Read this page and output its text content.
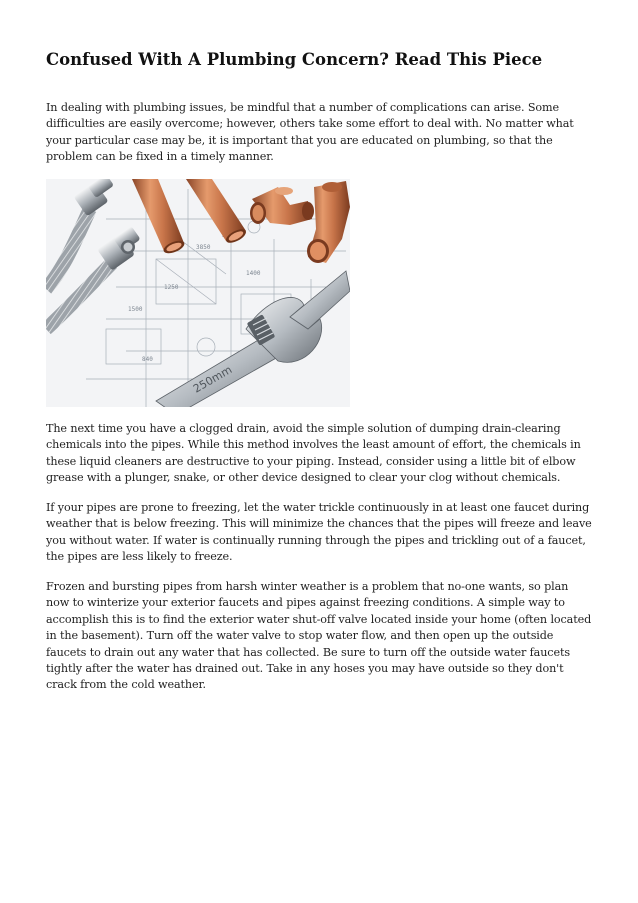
Confused With A Plumbing Concern? Read This Piece

In dealing with plumbing issues, be mindful that a number of complications can arise. Some difficulties are easily overcome; however, others take some effort to deal with. No matter what your particular case may be, it is important that you are educated on plumbing, so that the problem can be fixed in a timely manner.

1250
1500
3850
1400
840
250mm

The next time you have a clogged drain, avoid the simple solution of dumping drain-clearing chemicals into the pipes. While this method involves the least amount of effort, the chemicals in these liquid cleaners are destructive to your piping. Instead, consider using a little bit of elbow grease with a plunger, snake, or other device designed to clear your clog without chemicals.

If your pipes are prone to freezing, let the water trickle continuously in at least one faucet during weather that is below freezing. This will minimize the chances that the pipes will freeze and leave you without water. If water is continually running through the pipes and trickling out of a faucet, the pipes are less likely to freeze.

Frozen and bursting pipes from harsh winter weather is a problem that no-one wants, so plan now to winterize your exterior faucets and pipes against freezing conditions. A simple way to accomplish this is to find the exterior water shut-off valve located inside your home (often located in the basement). Turn off the water valve to stop water flow, and then open up the outside faucets to drain out any water that has collected. Be sure to turn off the outside water faucets tightly after the water has drained out. Take in any hoses you may have outside so they don't crack from the cold weather.
